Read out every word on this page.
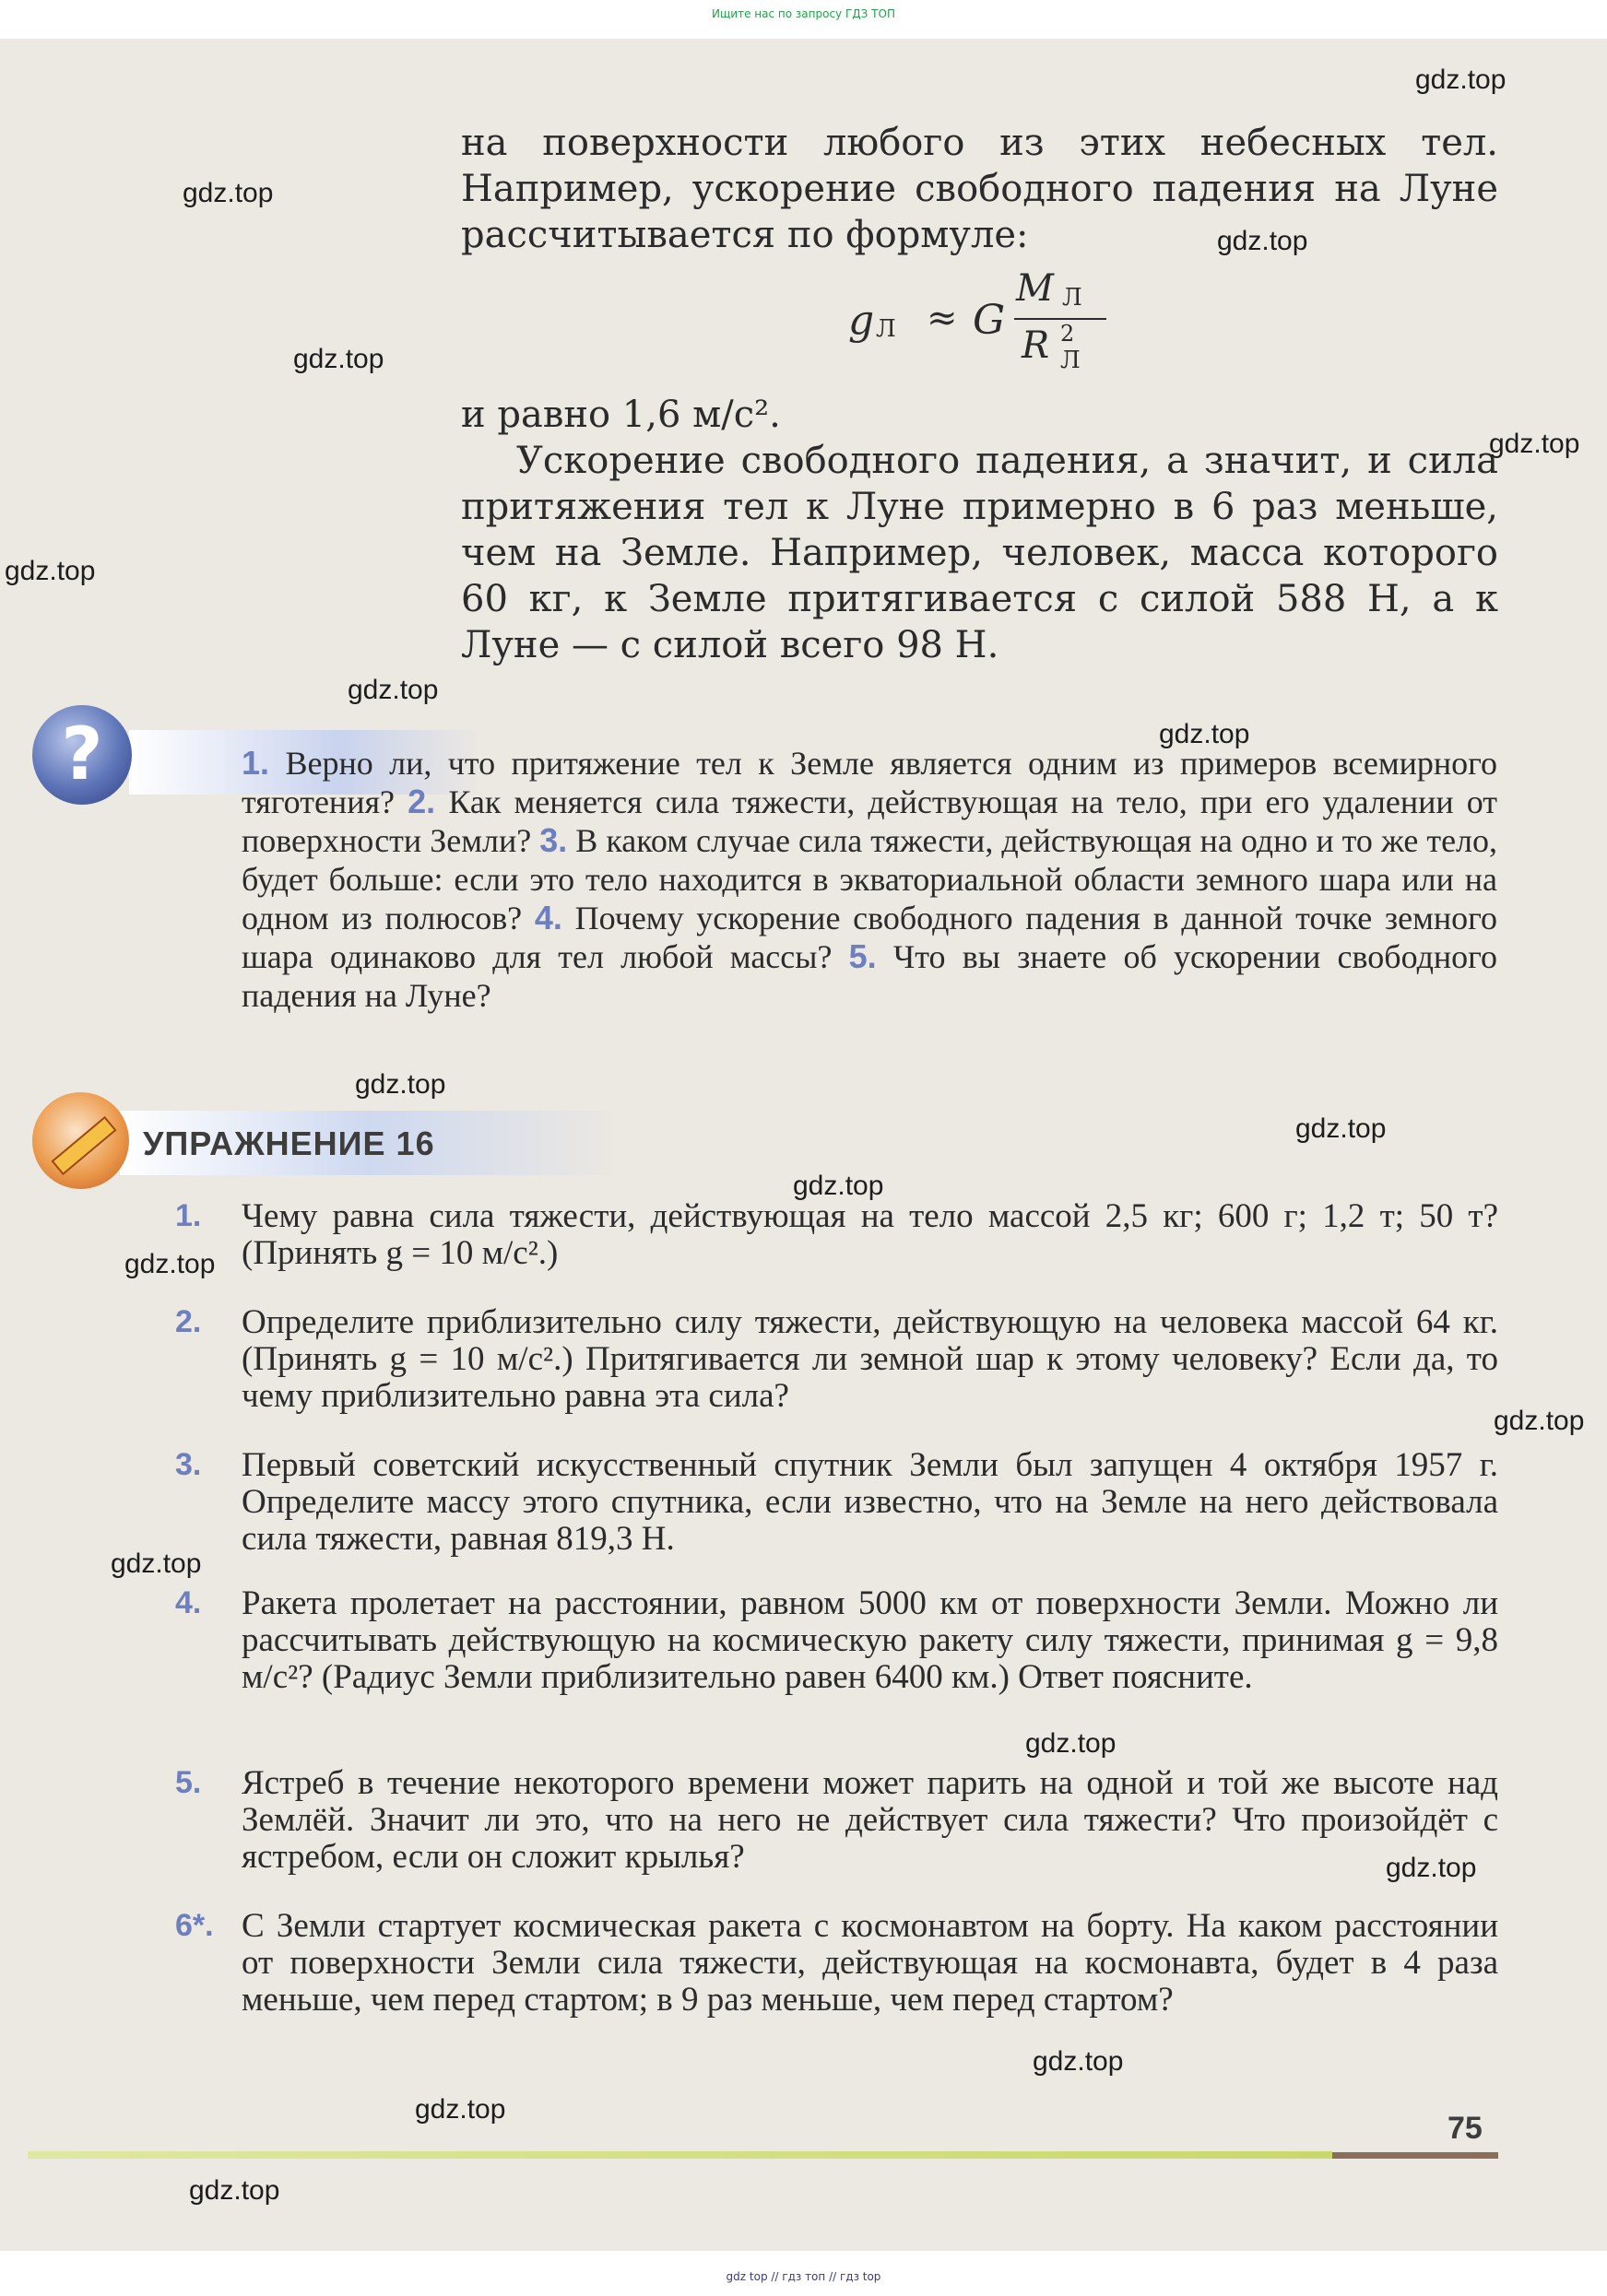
Ищите нас по запросу ГДЗ ТОП

на поверхности любого из этих небесных тел. Например, ускорение свободного падения на Луне рассчитывается по формуле:

g Л ≈ G
M Л
R 2
Л

и равно 1,6 м/с².

Ускорение свободного падения, а значит, и сила притяжения тел к Луне примерно в 6 раз меньше, чем на Земле. Например, человек, масса которого 60 кг, к Земле притягивается с силой 588 Н, а к Луне — с силой всего 98 Н.

?	1. Верно ли, что притяжение тел к Земле является одним из примеров всемирного тяготения? 2. Как меняется сила тяжести, действующая на тело, при его удалении от поверхности Земли? 3. В каком случае сила тяжести, действующая на одно и то же тело, будет больше: если это тело находится в экваториальной области земного шара или на одном из полюсов? 4. Почему ускорение свободного падения в данной точке земного шара одинаково для тел любой массы? 5. Что вы знаете об ускорении свободного падения на Луне?

УПРАЖНЕНИЕ 16
1. Чему равна сила тяжести, действующая на тело массой 2,5 кг; 600 г; 1,2 т; 50 т? (Принять g = 10 м/с².)

2. Определите приблизительно силу тяжести, действующую на человека массой 64 кг. (Принять g = 10 м/с².) Притягивается ли земной шар к этому человеку? Если да, то чему приблизительно равна эта сила?

3. Первый советский искусственный спутник Земли был запущен 4 октября 1957 г. Определите массу этого спутника, если известно, что на Земле на него действовала сила тяжести, равная 819,3 Н.

4. Ракета пролетает на расстоянии, равном 5000 км от поверхности Земли. Можно ли рассчитывать действующую на космическую ракету силу тяжести, принимая g = 9,8 м/с²? (Радиус Земли приблизительно равен 6400 км.) Ответ поясните.

5. Ястреб в течение некоторого времени может парить на одной и той же высоте над Землёй. Значит ли это, что на него не действует сила тяжести? Что произойдёт с ястребом, если он сложит крылья?

6*. С Земли стартует космическая ракета с космонавтом на борту. На каком расстоянии от поверхности Земли сила тяжести, действующая на космонавта, будет в 4 раза меньше, чем перед стартом; в 9 раз меньше, чем перед стартом?

75
gdz.top
gdz.top
gdz.top
gdz.top
gdz.top
gdz.top
gdz.top
gdz.top
gdz.top
gdz.top
gdz.top
gdz.top
gdz.top
gdz.top
gdz.top
gdz.top
gdz.top
gdz.top
gdz.top
gdz top // гдз топ // гдз top
